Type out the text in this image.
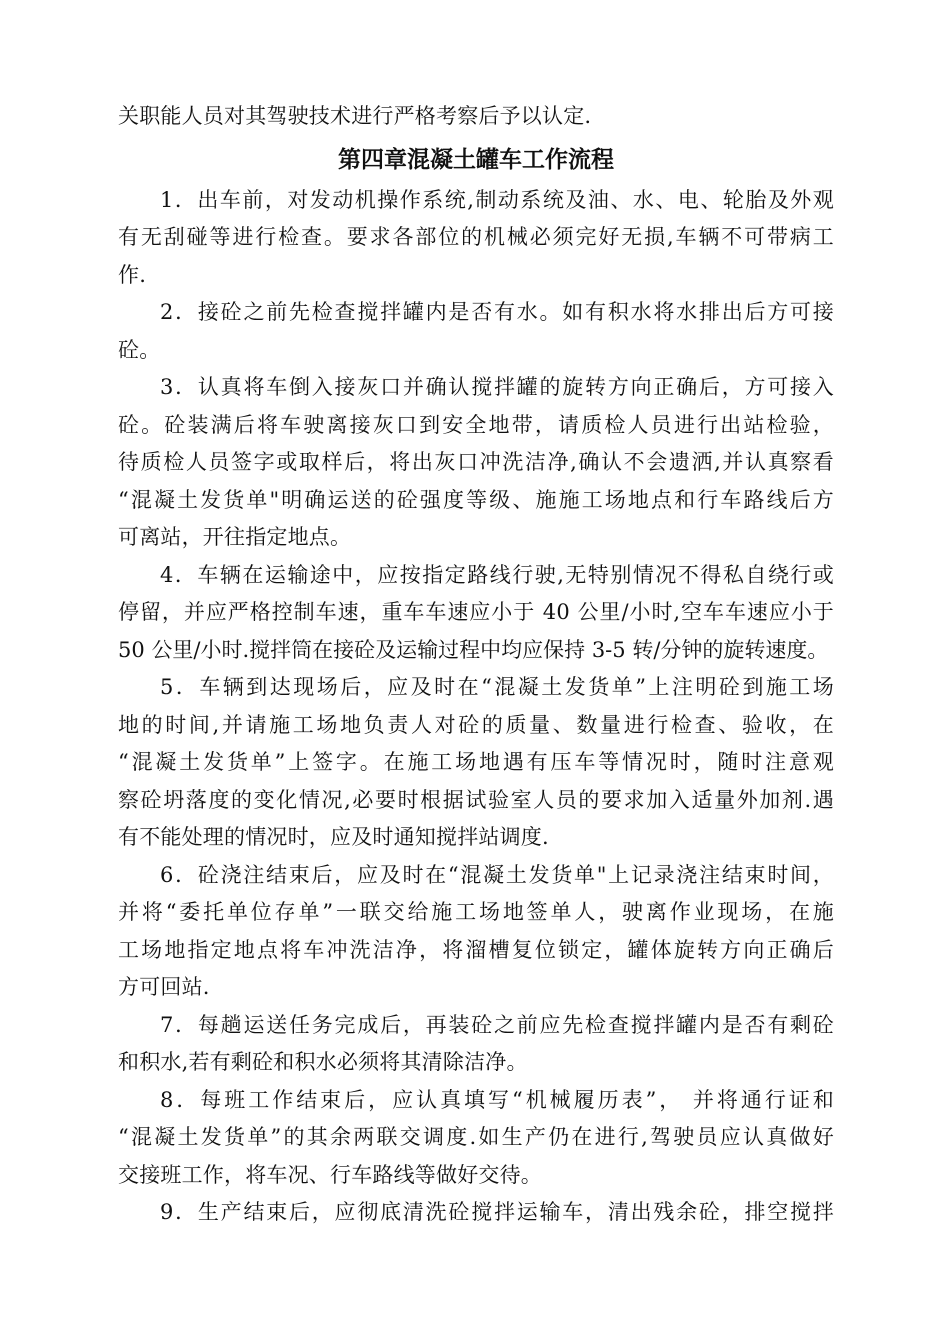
关职能人员对其驾驶技术进行严格考察后予以认定.
第四章混凝土罐车工作流程
1．出车前，对发动机操作系统,制动系统及油、水、电、轮胎及外观
有无刮碰等进行检查。要求各部位的机械必须完好无损,车辆不可带病工
作.
2．接砼之前先检查搅拌罐内是否有水。如有积水将水排出后方可接
砼。
3．认真将车倒入接灰口并确认搅拌罐的旋转方向正确后，方可接入
砼。砼装满后将车驶离接灰口到安全地带，请质检人员进行出站检验，
待质检人员签字或取样后，将出灰口冲洗洁净,确认不会遗洒,并认真察看
“混凝土发货单"明确运送的砼强度等级、施施工场地点和行车路线后方
可离站，开往指定地点。
4．车辆在运输途中，应按指定路线行驶,无特别情况不得私自绕行或
停留，并应严格控制车速，重车车速应小于 40 公里/小时,空车车速应小于
50 公里/小时.搅拌筒在接砼及运输过程中均应保持 3-5 转/分钟的旋转速度。
5．车辆到达现场后，应及时在“混凝土发货单”上注明砼到施工场
地的时间,并请施工场地负责人对砼的质量、数量进行检查、验收，在
“混凝土发货单”上签字。在施工场地遇有压车等情况时，随时注意观
察砼坍落度的变化情况,必要时根据试验室人员的要求加入适量外加剂.遇
有不能处理的情况时，应及时通知搅拌站调度.
6．砼浇注结束后，应及时在“混凝土发货单"上记录浇注结束时间，
并将“委托单位存单”一联交给施工场地签单人，驶离作业现场，在施
工场地指定地点将车冲洗洁净，将溜槽复位锁定，罐体旋转方向正确后
方可回站.
7．每趟运送任务完成后，再装砼之前应先检查搅拌罐内是否有剩砼
和积水,若有剩砼和积水必须将其清除洁净。
8．每班工作结束后，应认真填写“机械履历表”， 并将通行证和
“混凝土发货单”的其余两联交调度.如生产仍在进行,驾驶员应认真做好
交接班工作，将车况、行车路线等做好交待。
9．生产结束后，应彻底清洗砼搅拌运输车，清出残余砼，排空搅拌
